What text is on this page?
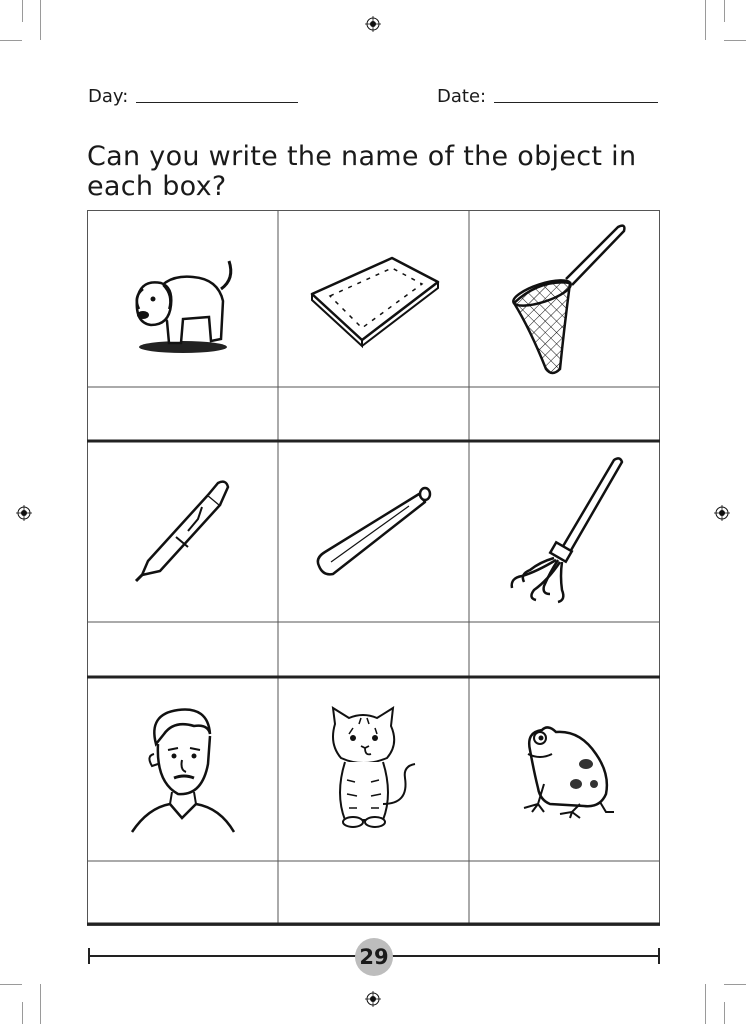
Day:	Date:
Can you write the name of the object in each box?
29
